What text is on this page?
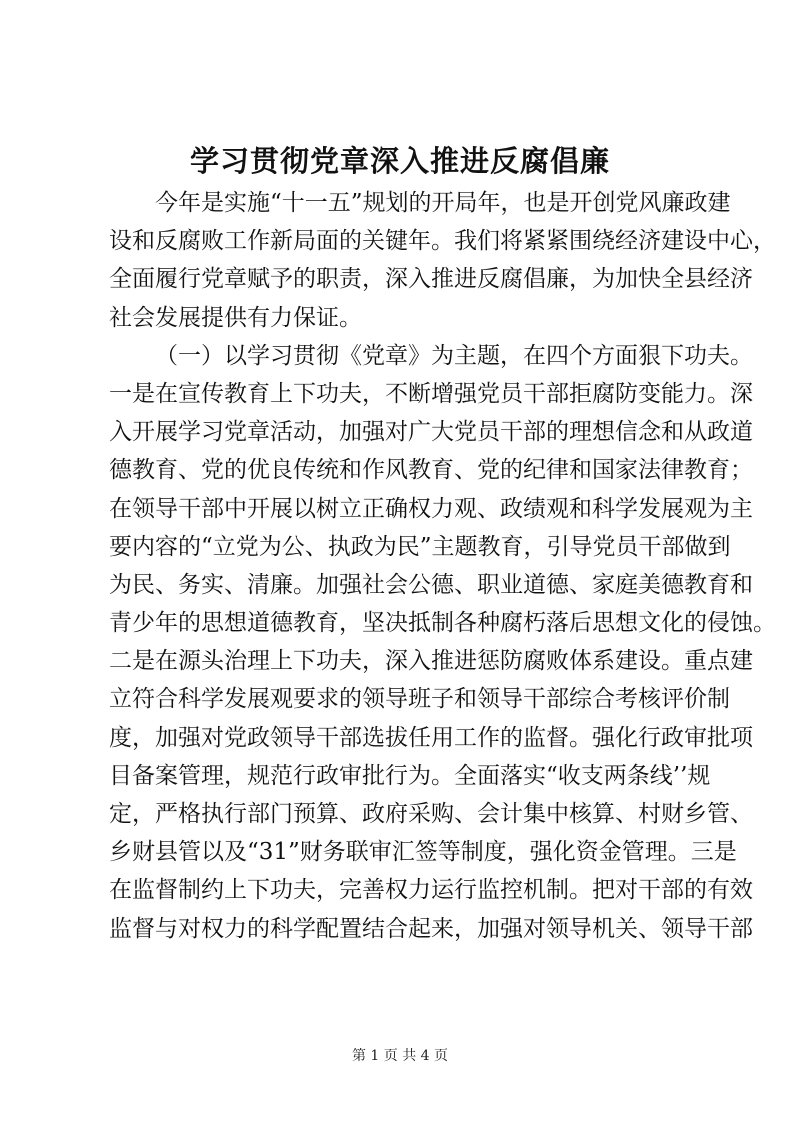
学习贯彻党章深入推进反腐倡廉
今年是实施“十一五”规划的开局年，也是开创党风廉政建
设和反腐败工作新局面的关键年。我们将紧紧围绕经济建设中心，
全面履行党章赋予的职责，深入推进反腐倡廉，为加快全县经济
社会发展提供有力保证。
（一）以学习贯彻《党章》为主题，在四个方面狠下功夫。
一是在宣传教育上下功夫，不断增强党员干部拒腐防变能力。深
入开展学习党章活动，加强对广大党员干部的理想信念和从政道
德教育、党的优良传统和作风教育、党的纪律和国家法律教育；
在领导干部中开展以树立正确权力观、政绩观和科学发展观为主
要内容的“立党为公、执政为民”主题教育，引导党员干部做到
为民、务实、清廉。加强社会公德、职业道德、家庭美德教育和
青少年的思想道德教育，坚决抵制各种腐朽落后思想文化的侵蚀。
二是在源头治理上下功夫，深入推进惩防腐败体系建设。重点建
立符合科学发展观要求的领导班子和领导干部综合考核评价制
度，加强对党政领导干部选拔任用工作的监督。强化行政审批项
目备案管理，规范行政审批行为。全面落实“收支两条线’’规
定，严格执行部门预算、政府采购、会计集中核算、村财乡管、
乡财县管以及“31”财务联审汇签等制度，强化资金管理。三是
在监督制约上下功夫，完善权力运行监控机制。把对干部的有效
监督与对权力的科学配置结合起来，加强对领导机关、领导干部
第 1 页 共 4 页
